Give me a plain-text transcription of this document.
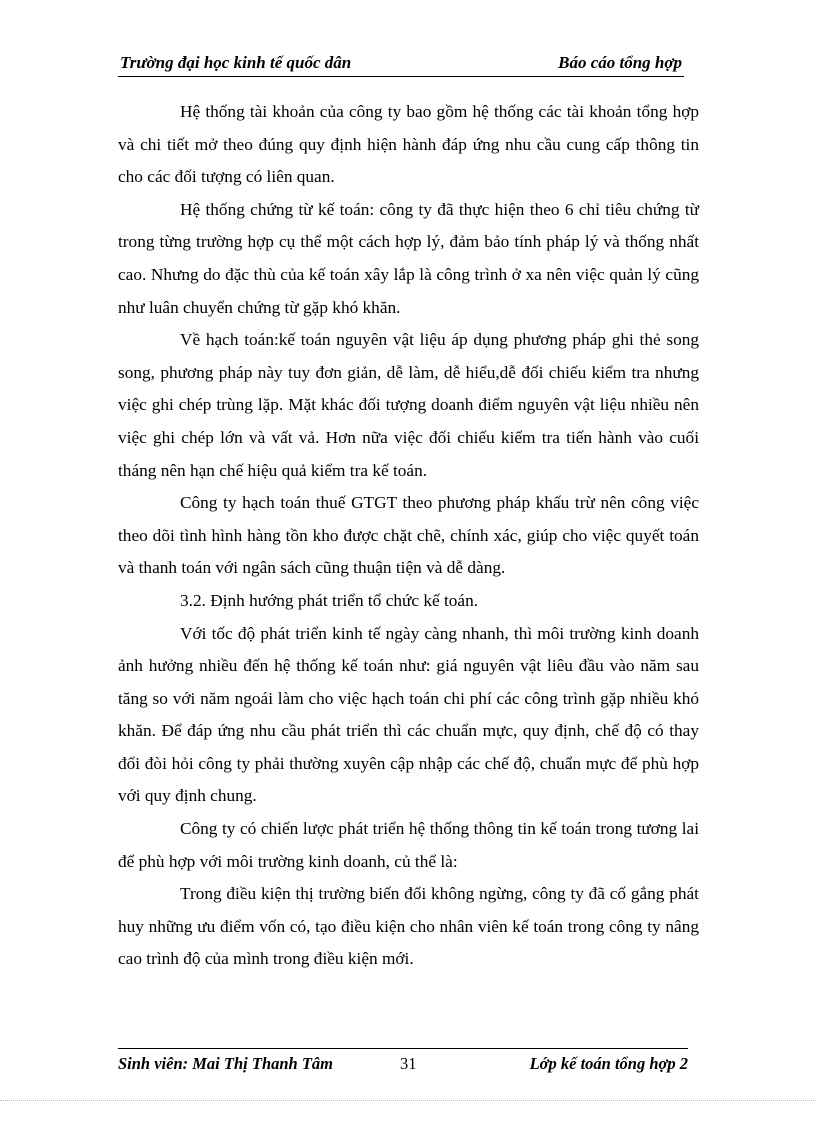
Trường đại học kinh tế quốc dân	Báo cáo tổng hợp

Hệ thống tài khoản của công ty bao gồm hệ thống các tài khoản tổng hợp và chi tiết mở theo đúng quy định hiện hành đáp ứng nhu cầu cung cấp thông tin cho các đối tượng có liên quan.

Hệ thống chứng từ kế toán: công ty đã thực hiện theo 6 chỉ tiêu chứng từ trong từng trường hợp cụ thể một cách hợp lý, đảm bảo tính pháp lý và thống nhất cao. Nhưng do đặc thù của kế toán xây lắp là công trình ở xa nên việc quản lý cũng như luân chuyển chứng từ gặp khó khăn.

Về hạch toán:kế toán nguyên vật liệu áp dụng phương pháp ghi thẻ song song, phương pháp này tuy đơn giản, dễ làm, dễ hiểu,dễ đối chiếu kiểm tra nhưng việc ghi chép trùng lặp. Mặt khác đối tượng doanh điểm nguyên vật liệu nhiều nên việc ghi chép lớn và vất vả. Hơn nữa việc đối chiếu kiểm tra tiến hành vào cuối tháng nên hạn chế hiệu quả kiểm tra kế toán.

Công ty hạch toán thuế GTGT theo phương pháp khấu trừ nên công việc theo dõi tình hình hàng tồn kho được chặt chẽ, chính xác, giúp cho việc quyết toán và thanh toán với ngân sách cũng thuận tiện và dễ dàng.

3.2. Định hướng phát triển tổ chức kế toán.

Với tốc độ phát triển kinh tế ngày càng nhanh, thì môi trường kinh doanh ảnh hưởng nhiều đến hệ thống kế toán như: giá nguyên vật liêu đầu vào năm sau tăng so với năm ngoái làm cho việc hạch toán chi phí các công trình gặp nhiều khó khăn. Để đáp ứng nhu cầu phát triển thì các chuẩn mực, quy định, chế độ có thay đổi đòi hỏi công ty phải thường xuyên cập nhập các chế độ, chuẩn mực để phù hợp với quy định chung.

Công ty có chiến lược phát triển hệ thống thông tin kế toán trong tương lai để phù hợp với môi trường kinh doanh, củ thể là:

Trong điều kiện thị trường biến đổi không ngừng, công ty đã cố gắng phát huy những ưu điểm vốn có, tạo điều kiện cho nhân viên kế toán trong công ty nâng cao trình độ của mình trong điều kiện mới.

Sinh viên: Mai Thị Thanh Tâm	31	Lớp kế toán tổng hợp 2
